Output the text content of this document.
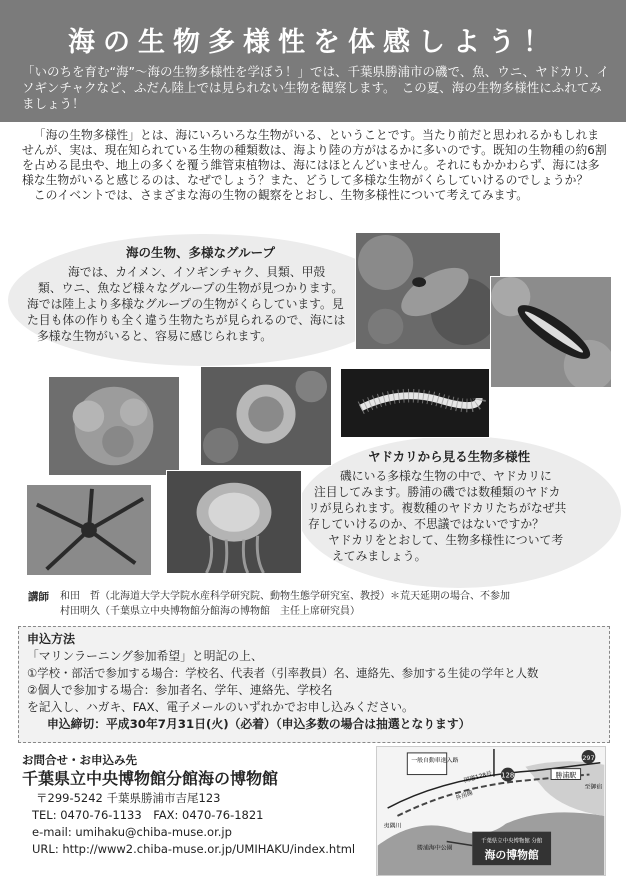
海の生物多様性を体感しよう！
「いのちを育む“海”〜海の生物多様性を学ぼう！」では、千葉県勝浦市の磯で、魚、ウニ、ヤドカリ、イソギンチャクなど、ふだん陸上では見られない生物を観察します。　この夏、海の生物多様性にふれてみましょう！

「海の生物多様性」とは、海にいろいろな生物がいる、ということです。当たり前だと思われるかもしれませんが、実は、現在知られている生物の種類数は、海より陸の方がはるかに多いのです。既知の生物種の約6割を占める昆虫や、地上の多くを覆う維管束植物は、海にはほとんどいません。それにもかかわらず、海には多様な生物がいると感じるのは、なぜでしょう？また、どうして多様な生物がくらしていけるのでしょうか？

このイベントでは、さまざまな海の生物の観察をとおし、生物多様性について考えてみます。

海の生物、多様なグループ
海では、カイメン、イソギンチャク、貝類、甲殻
類、ウニ、魚など様々なグループの生物が見つかります。
海では陸上より多様なグループの生物がくらしています。見
た目も体の作りも全く違う生物たちが見られるので、海には
多様な生物がいると、容易に感じられます。
ヤドカリから見る生物多様性
磯にいる多様な生物の中で、ヤドカリに
注目してみます。勝浦の磯では数種類のヤドカ
リが見られます。複数種のヤドカリたちがなぜ共
存していけるのか、不思議ではないですか？
ヤドカリをとおして、生物多様性について考
えてみましょう。
講師 和田　哲（北海道大学大学院水産科学研究院、動物生態学研究室、教授）＊荒天延期の場合、不参加
村田明久（千葉県立中央博物館分館海の博物館　主任上席研究員）
申込方法
「マリンラーニング参加希望」と明記の上、
①学校・部活で参加する場合：学校名、代表者（引率教員）名、連絡先、参加する生徒の学年と人数
②個人で参加する場合：参加者名、学年、連絡先、学校名
を記入し、ハガキ、FAX、電子メールのいずれかでお申し込みください。
申込締切：平成30年7月31日(火)（必着）（申込多数の場合は抽選となります）
お問合せ・お申込み先
千葉県立中央博物館分館海の博物館
〒299-5242 千葉県勝浦市吉尾123
TEL: 0470-76-1133　FAX: 0470-76-1821
e-mail: umihaku@chiba-muse.or.jp
URL: http://www2.chiba-muse.or.jp/UMIHAKU/index.html
128
297
勝浦駅
至御宿
一般自動車進入路
外房線
国道128号
夷隅川
勝浦海中公園
千葉県立中央博物館 分館
海の博物館
